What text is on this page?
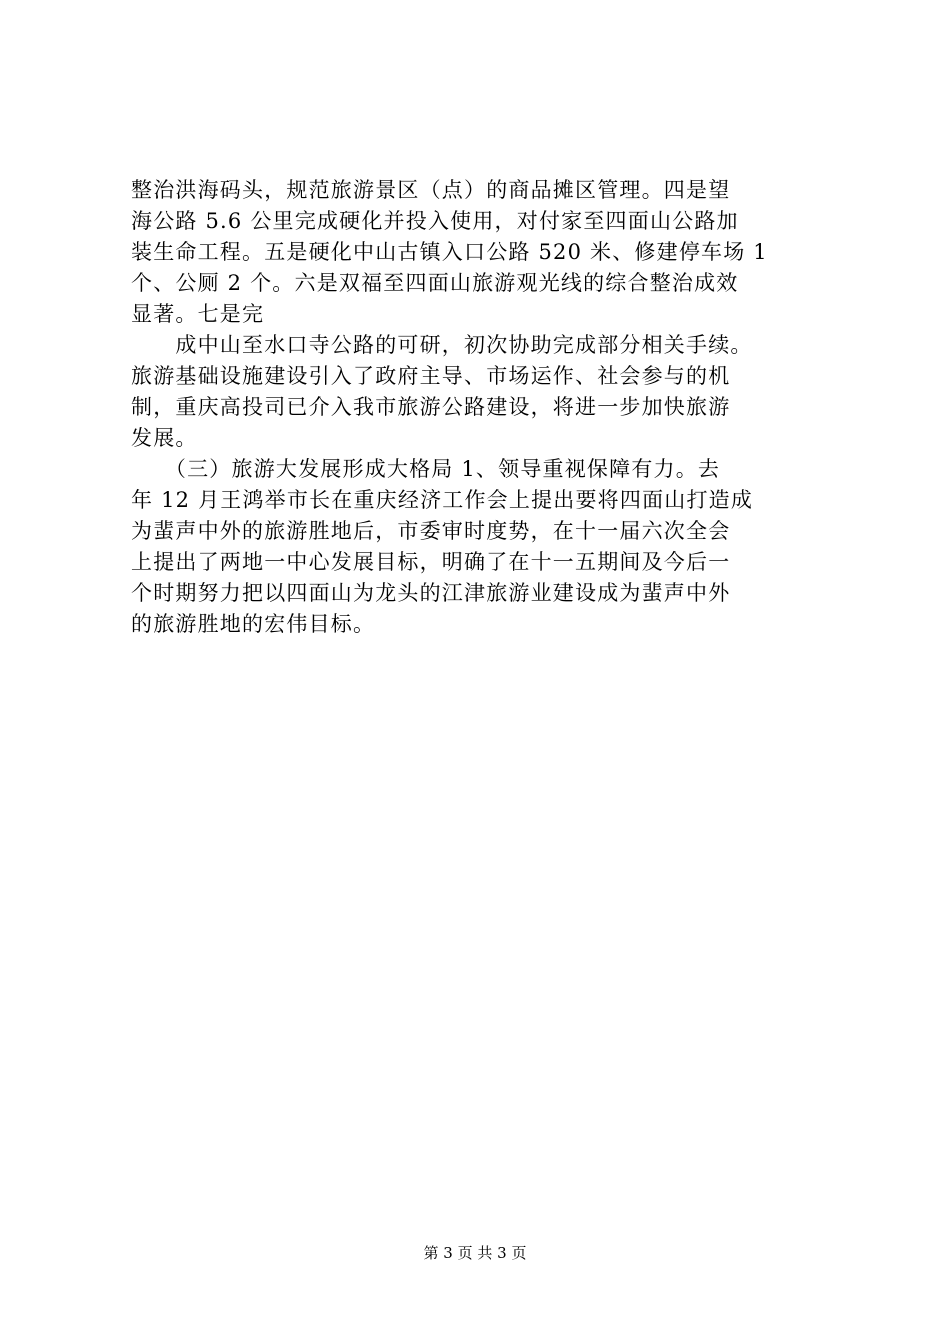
整治洪海码头，规范旅游景区（点）的商品摊区管理。四是望
海公路 5.6 公里完成硬化并投入使用，对付家至四面山公路加
装生命工程。五是硬化中山古镇入口公路 520 米、修建停车场 1
个、公厕 2 个。六是双福至四面山旅游观光线的综合整治成效
显著。七是完
　　成中山至水口寺公路的可研，初次协助完成部分相关手续。
旅游基础设施建设引入了政府主导、市场运作、社会参与的机
制，重庆高投司已介入我市旅游公路建设，将进一步加快旅游
发展。
　　（三）旅游大发展形成大格局 1、领导重视保障有力。去
年 12 月王鸿举市长在重庆经济工作会上提出要将四面山打造成
为蜚声中外的旅游胜地后，市委审时度势，在十一届六次全会
上提出了两地一中心发展目标，明确了在十一五期间及今后一
个时期努力把以四面山为龙头的江津旅游业建设成为蜚声中外
的旅游胜地的宏伟目标。
第 3 页 共 3 页
